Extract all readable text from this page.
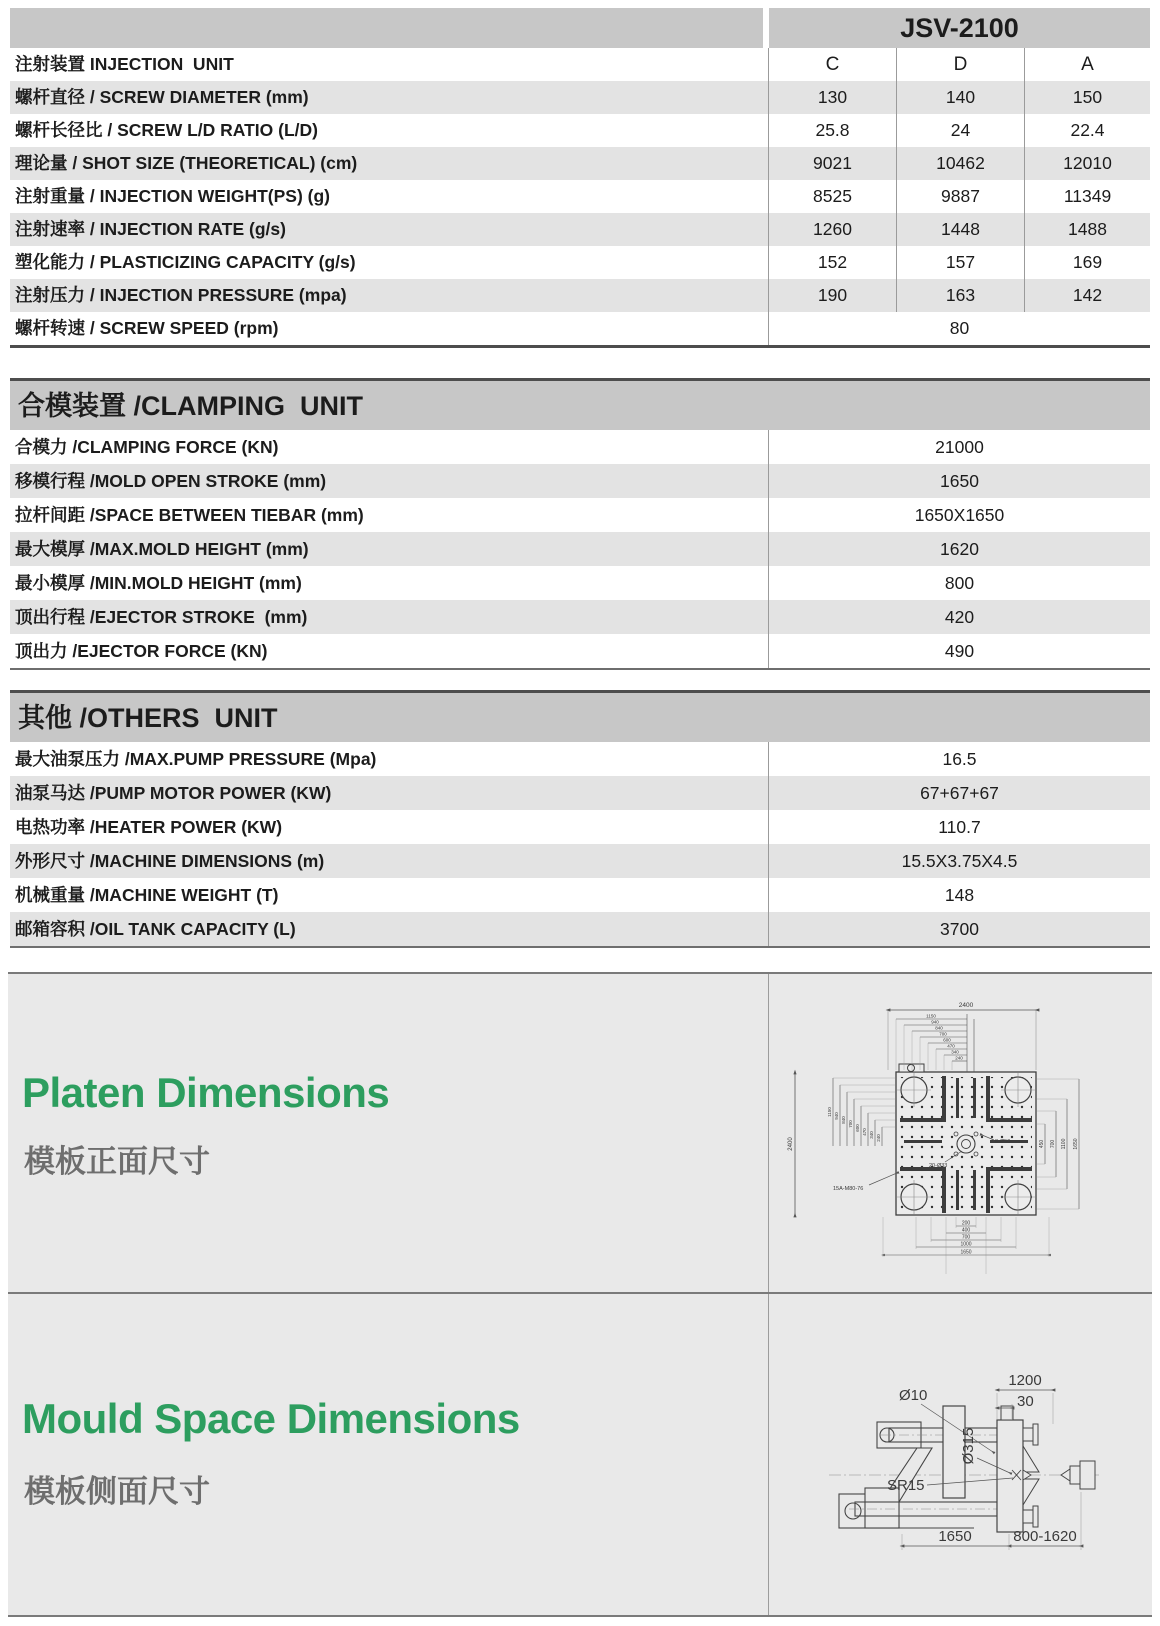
JSV-2100
注射装置 INJECTION  UNIT	C	D	A
螺杆直径 / SCREW DIAMETER (mm)	130	140	150
螺杆长径比 / SCREW L/D RATIO (L/D)	25.8	24	22.4
理论量 / SHOT SIZE (THEORETICAL) (cm)	9021	10462	12010
注射重量 / INJECTION WEIGHT(PS) (g)	8525	9887	11349
注射速率 / INJECTION RATE (g/s)	1260	1448	1488
塑化能力 / PLASTICIZING CAPACITY (g/s)	152	157	169
注射压力 / INJECTION PRESSURE (mpa)	190	163	142
螺杆转速 / SCREW SPEED (rpm)	80
合模装置 /CLAMPING  UNIT
合模力 /CLAMPING FORCE (KN)	21000
移模行程 /MOLD OPEN STROKE (mm)	1650
拉杆间距 /SPACE BETWEEN TIEBAR (mm)	1650X1650
最大模厚 /MAX.MOLD HEIGHT (mm)	1620
最小模厚 /MIN.MOLD HEIGHT (mm)	800
顶出行程 /EJECTOR STROKE  (mm)	420
顶出力 /EJECTOR FORCE (KN)	490
其他 /OTHERS  UNIT
最大油泵压力 /MAX.PUMP PRESSURE (Mpa)	16.5
油泵马达 /PUMP MOTOR POWER (KW)	67+67+67
电热功率 /HEATER POWER (KW)	110.7
外形尺寸 /MACHINE DIMENSIONS (m)	15.5X3.75X4.5
机械重量 /MACHINE WEIGHT (T)	148
邮箱容积 /OIL TANK CAPACITY (L)	3700
Platen Dimensions
模板正面尺寸
15A-M80-76
20-Ø33
8-Ø50
2400
1150
940
840
700
600
470
340
240
2400
1150 940
840
700
600
470 340 240
450 700 1100 1650
200
400
700
1000
1650
Mould Space Dimensions
模板侧面尺寸
1200
30
Ø10
Ø315
SR15
1650	800-1620
